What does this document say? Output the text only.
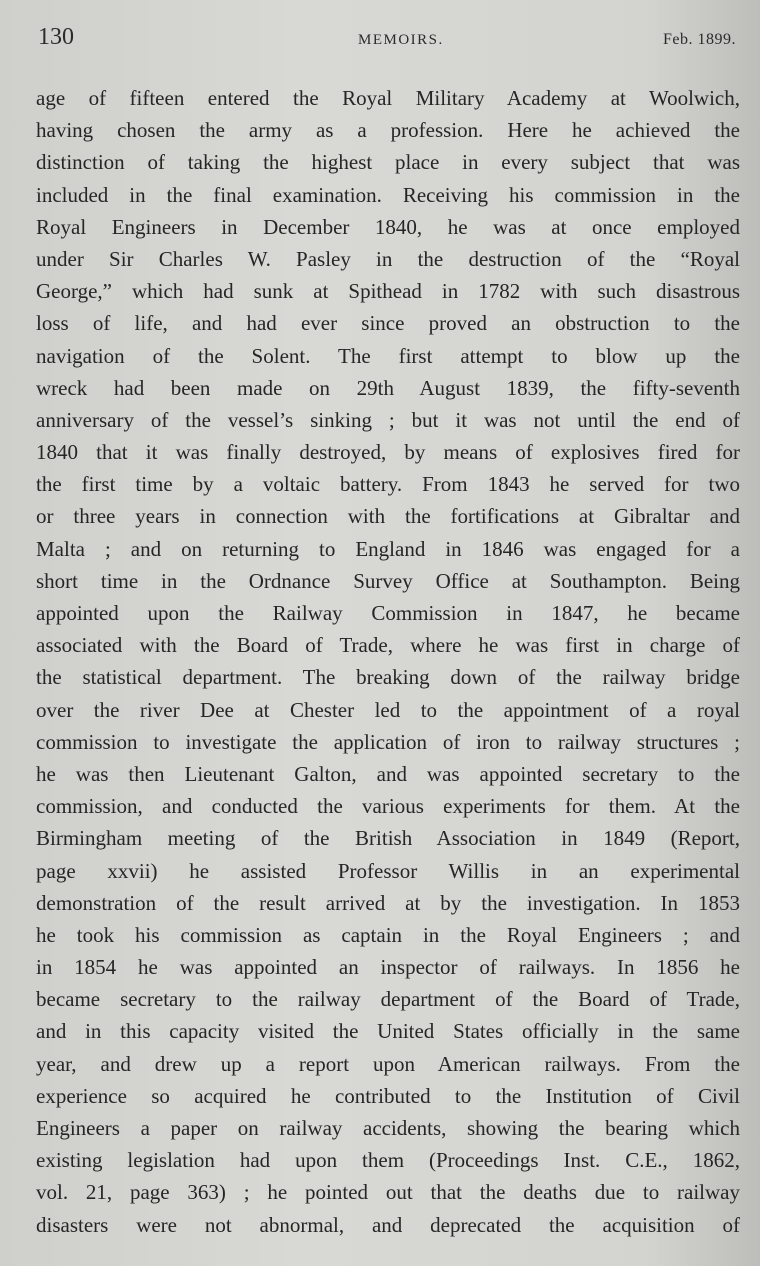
130	MEMOIRS.	Feb. 1899.
age of fifteen entered the Royal Military Academy at Woolwich,
having chosen the army as a profession. Here he achieved the
distinction of taking the highest place in every subject that was
included in the final examination. Receiving his commission in the
Royal Engineers in December 1840, he was at once employed
under Sir Charles W. Pasley in the destruction of the “Royal
George,” which had sunk at Spithead in 1782 with such disastrous
loss of life, and had ever since proved an obstruction to the
navigation of the Solent. The first attempt to blow up the
wreck had been made on 29th August 1839, the fifty-seventh
anniversary of the vessel’s sinking ; but it was not until the end of
1840 that it was finally destroyed, by means of explosives fired for
the first time by a voltaic battery. From 1843 he served for two
or three years in connection with the fortifications at Gibraltar and
Malta ; and on returning to England in 1846 was engaged for a
short time in the Ordnance Survey Office at Southampton. Being
appointed upon the Railway Commission in 1847, he became
associated with the Board of Trade, where he was first in charge of
the statistical department. The breaking down of the railway bridge
over the river Dee at Chester led to the appointment of a royal
commission to investigate the application of iron to railway structures ;
he was then Lieutenant Galton, and was appointed secretary to the
commission, and conducted the various experiments for them. At the
Birmingham meeting of the British Association in 1849 (Report,
page xxvii) he assisted Professor Willis in an experimental
demonstration of the result arrived at by the investigation. In 1853
he took his commission as captain in the Royal Engineers ; and
in 1854 he was appointed an inspector of railways. In 1856 he
became secretary to the railway department of the Board of Trade,
and in this capacity visited the United States officially in the same
year, and drew up a report upon American railways. From the
experience so acquired he contributed to the Institution of Civil
Engineers a paper on railway accidents, showing the bearing which
existing legislation had upon them (Proceedings Inst. C.E., 1862,
vol. 21, page 363) ; he pointed out that the deaths due to railway
disasters were not abnormal, and deprecated the acquisition of
